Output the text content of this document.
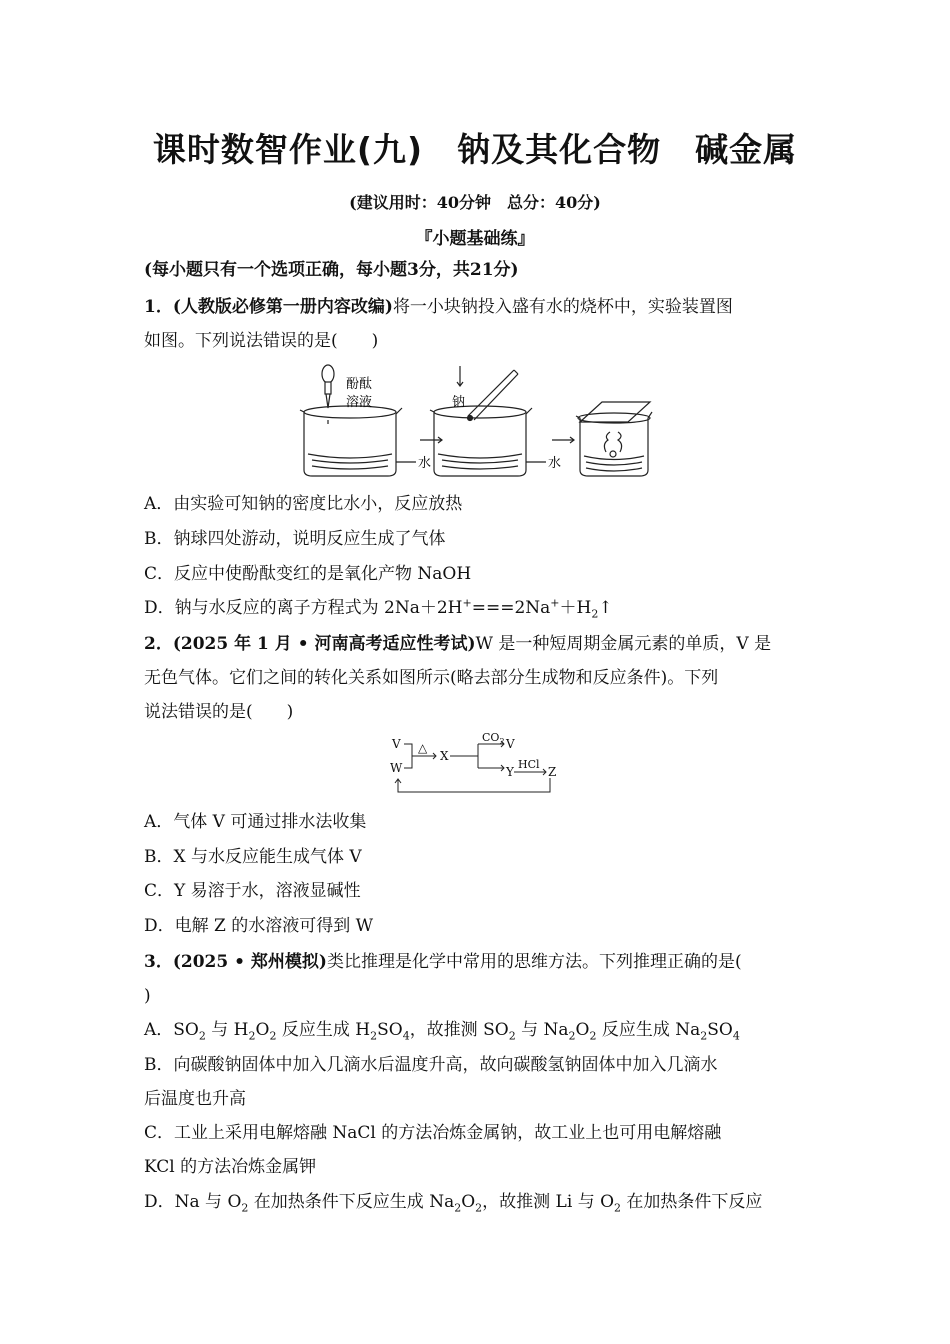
课时数智作业(九)　钠及其化合物　碱金属
(建议用时：40分钟　总分：40分)
『小题基础练』
(每小题只有一个选项正确，每小题3分，共21分)
1．(人教版必修第一册内容改编)将一小块钠投入盛有水的烧杯中，实验装置图
如图。下列说法错误的是(　　)
酚酞
溶液	钠
水	水
A．由实验可知钠的密度比水小，反应放热
B．钠球四处游动，说明反应生成了气体
C．反应中使酚酞变红的是氧化产物 NaOH
D．钠与水反应的离子方程式为 $2Na+2H^+===2Na^++H_2↑$
2．(2025 年 1 月 • 河南高考适应性考试)W 是一种短周期金属元素的单质，V 是
无色气体。它们之间的转化关系如图所示(略去部分生成物和反应条件)。下列
说法错误的是(　　)
V
W
△
X
$CO_2$ V
Y
HCl
Z
A．气体 V 可通过排水法收集
B．X 与水反应能生成气体 V
C．Y 易溶于水，溶液显碱性
D．电解 Z 的水溶液可得到 W
3．(2025 • 郑州模拟)类比推理是化学中常用的思维方法。下列推理正确的是(
)
A．$SO_2$ 与 $H_2O_2$ 反应生成 $H_2SO_4$，故推测 $SO_2$ 与 $Na_2O_2$ 反应生成 $Na_2SO_4$
B．向碳酸钠固体中加入几滴水后温度升高，故向碳酸氢钠固体中加入几滴水
后温度也升高
C．工业上采用电解熔融 NaCl 的方法冶炼金属钠，故工业上也可用电解熔融
KCl 的方法冶炼金属钾
D．Na 与 $O_2$ 在加热条件下反应生成 $Na_2O_2$，故推测 Li 与 $O_2$ 在加热条件下反应
